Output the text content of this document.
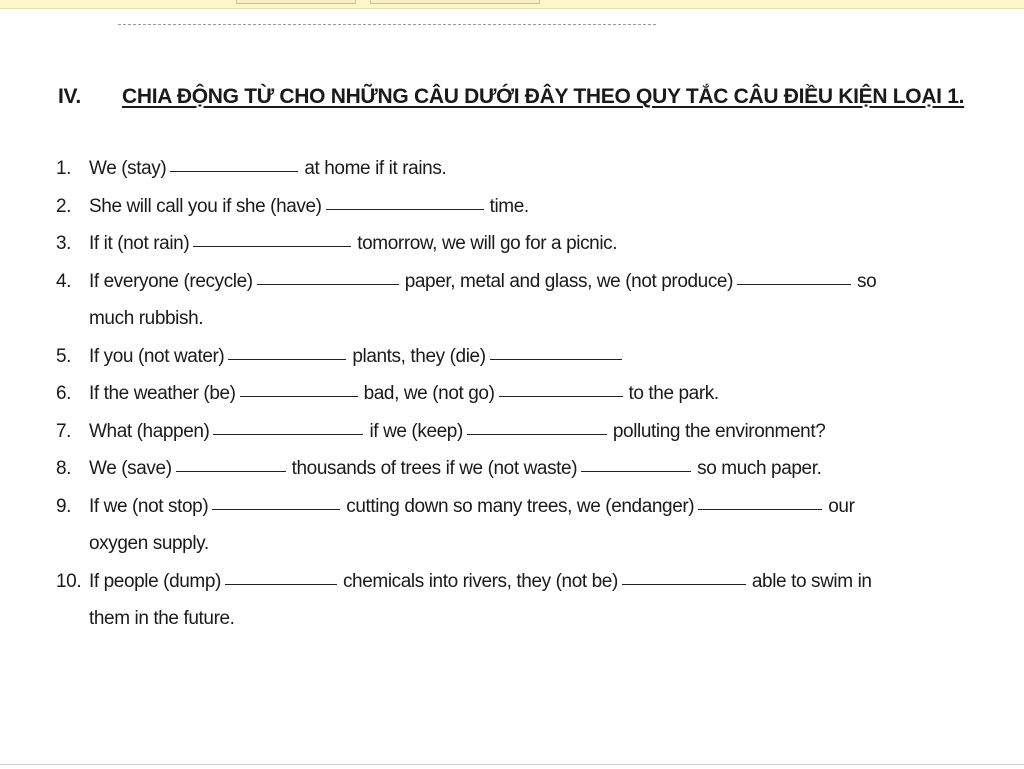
IV. CHIA ĐỘNG TỪ CHO NHỮNG CÂU DƯỚI ĐÂY THEO QUY TẮC CÂU ĐIỀU KIỆN LOẠI 1.
1. We (stay)	at home if it rains.
2. She will call you if she (have)	time.
3. If it (not rain)	tomorrow, we will go for a picnic.
4. If everyone (recycle)	paper, metal and glass, we (not produce)	so
much rubbish.
5. If you (not water)	plants, they (die)
6. If the weather (be)	bad, we (not go)	to the park.
7. What (happen)	if we (keep)	polluting the environment?
8. We (save)	thousands of trees if we (not waste)	so much paper.
9. If we (not stop)	cutting down so many trees, we (endanger)	our
oxygen supply.
10. If people (dump)	chemicals into rivers, they (not be)	able to swim in
them in the future.
